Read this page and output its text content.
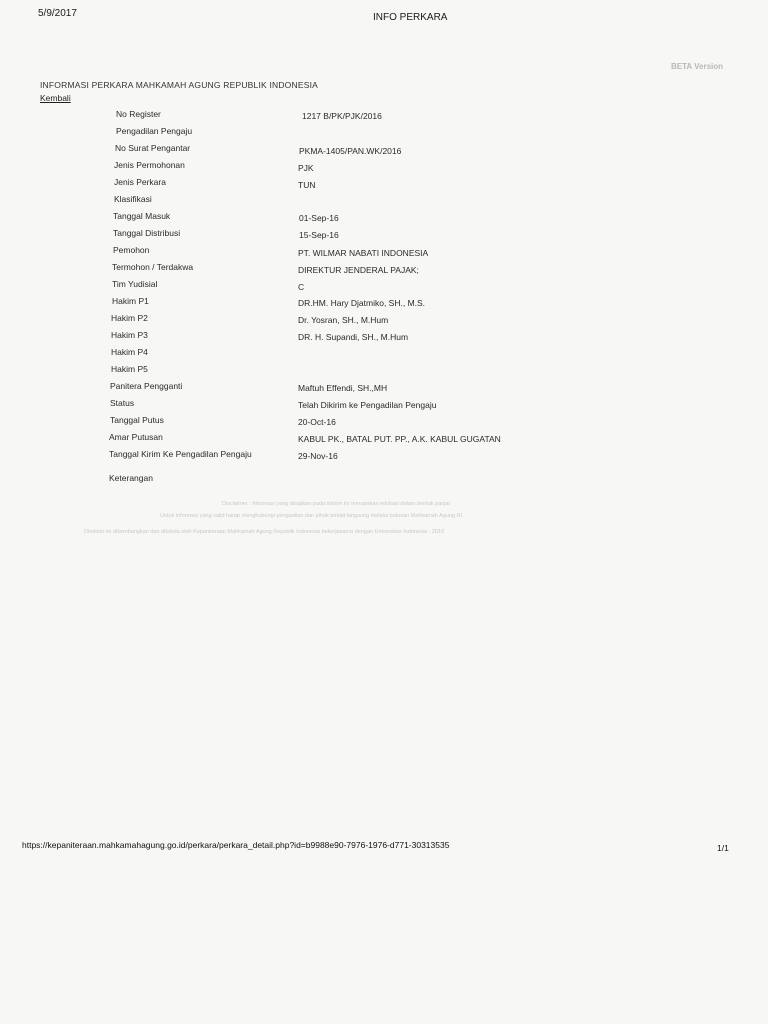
5/9/2017	INFO PERKARA
BETA Version
INFORMASI PERKARA MAHKAMAH AGUNG REPUBLIK INDONESIA
Kembali
No Register	1217 B/PK/PJK/2016
Pengadilan Pengaju
No Surat Pengantar	PKMA-1405/PAN.WK/2016
Jenis Permohonan	PJK
Jenis Perkara	TUN
Klasifikasi
Tanggal Masuk	01-Sep-16
Tanggal Distribusi	15-Sep-16
Pemohon	PT. WILMAR NABATI INDONESIA
Termohon / Terdakwa	DIREKTUR JENDERAL PAJAK;
Tim Yudisial	C
Hakim P1	DR.HM. Hary Djatmiko, SH., M.S.
Hakim P2	Dr. Yosran, SH., M.Hum
Hakim P3	DR. H. Supandi, SH., M.Hum
Hakim P4
Hakim P5
Panitera Pengganti	Maftuh Effendi, SH.,MH
Status	Telah Dikirim ke Pengadilan Pengaju
Tanggal Putus	20-Oct-16
Amar Putusan	KABUL PK., BATAL PUT. PP., A.K. KABUL GUGATAN
Tanggal Kirim Ke Pengadilan Pengaju	29-Nov-16
Keterangan
Disclaimer : Informasi yang disajikan pada sistem ini merupakan edukasi dalam bentuk panjar
Untuk informasi yang valid harap menghubungi pengadilan dan pihak terkait langsung melalui putusan Mahkamah Agung RI
Direktori ini dikembangkan dan dikelola oleh Kepaniteraan Mahkamah Agung Republik Indonesia bekerjasama dengan Universitas Indonesia - 2016
https://kepaniteraan.mahkamahagung.go.id/perkara/perkara_detail.php?id=b9988e90-7976-1976-d771-30313535	1/1
